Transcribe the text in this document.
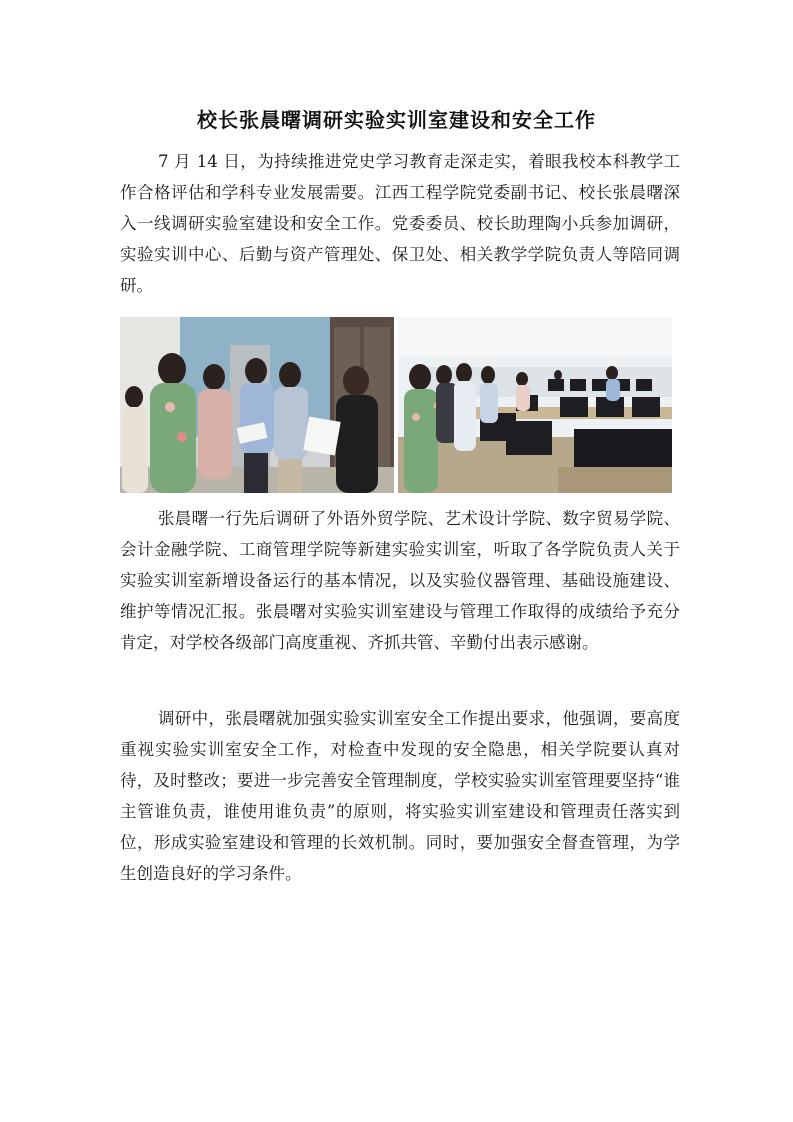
校长张晨曙调研实验实训室建设和安全工作

7 月 14 日，为持续推进党史学习教育走深走实，着眼我校本科教学工作合格评估和学科专业发展需要。江西工程学院党委副书记、校长张晨曙深入一线调研实验室建设和安全工作。党委委员、校长助理陶小兵参加调研，实验实训中心、后勤与资产管理处、保卫处、相关教学学院负责人等陪同调研。

张晨曙一行先后调研了外语外贸学院、艺术设计学院、数字贸易学院、会计金融学院、工商管理学院等新建实验实训室，听取了各学院负责人关于实验实训室新增设备运行的基本情况，以及实验仪器管理、基础设施建设、维护等情况汇报。张晨曙对实验实训室建设与管理工作取得的成绩给予充分肯定，对学校各级部门高度重视、齐抓共管、辛勤付出表示感谢。

调研中，张晨曙就加强实验实训室安全工作提出要求，他强调，要高度重视实验实训室安全工作，对检查中发现的安全隐患，相关学院要认真对待，及时整改；要进一步完善安全管理制度，学校实验实训室管理要坚持“谁主管谁负责，谁使用谁负责”的原则，将实验实训室建设和管理责任落实到位，形成实验室建设和管理的长效机制。同时，要加强安全督查管理，为学生创造良好的学习条件。
